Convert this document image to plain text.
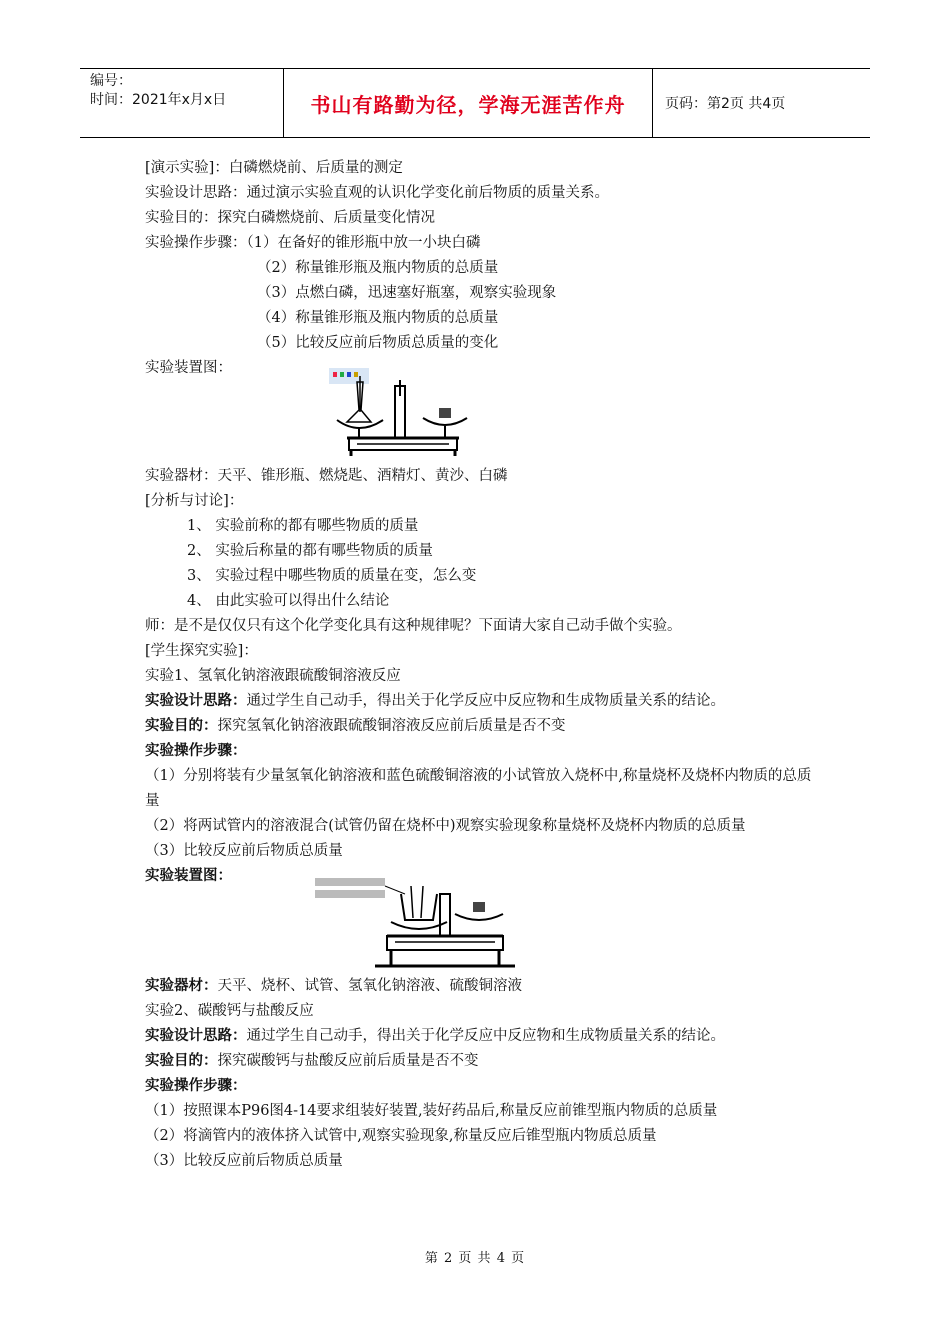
编号：
时间：2021年x月x日	书山有路勤为径，学海无涯苦作舟	页码：第2页 共4页
[演示实验]：白磷燃烧前、后质量的测定
实验设计思路：通过演示实验直观的认识化学变化前后物质的质量关系。
实验目的：探究白磷燃烧前、后质量变化情况
实验操作步骤：（1）在备好的锥形瓶中放一小块白磷
（2）称量锥形瓶及瓶内物质的总质量
（3）点燃白磷，迅速塞好瓶塞，观察实验现象
（4）称量锥形瓶及瓶内物质的总质量
（5）比较反应前后物质总质量的变化
实验装置图：
实验器材：天平、锥形瓶、燃烧匙、酒精灯、黄沙、白磷
[分析与讨论]：
1、 实验前称的都有哪些物质的质量
2、 实验后称量的都有哪些物质的质量
3、 实验过程中哪些物质的质量在变，怎么变
4、 由此实验可以得出什么结论
师：是不是仅仅只有这个化学变化具有这种规律呢？下面请大家自己动手做个实验。
[学生探究实验]：
实验1、氢氧化钠溶液跟硫酸铜溶液反应
实验设计思路：通过学生自己动手，得出关于化学反应中反应物和生成物质量关系的结论。
实验目的：探究氢氧化钠溶液跟硫酸铜溶液反应前后质量是否不变
实验操作步骤：
（1）分别将装有少量氢氧化钠溶液和蓝色硫酸铜溶液的小试管放入烧杯中,称量烧杯及烧杯内物质的总质量
（2）将两试管内的溶液混合(试管仍留在烧杯中)观察实验现象称量烧杯及烧杯内物质的总质量
（3）比较反应前后物质总质量
实验装置图：
实验器材：天平、烧杯、试管、氢氧化钠溶液、硫酸铜溶液
实验2、碳酸钙与盐酸反应
实验设计思路：通过学生自己动手，得出关于化学反应中反应物和生成物质量关系的结论。
实验目的：探究碳酸钙与盐酸反应前后质量是否不变
实验操作步骤：
（1）按照课本P96图4-14要求组装好装置,装好药品后,称量反应前锥型瓶内物质的总质量
（2）将滴管内的液体挤入试管中,观察实验现象,称量反应后锥型瓶内物质总质量
（3）比较反应前后物质总质量
第 2 页 共 4 页
